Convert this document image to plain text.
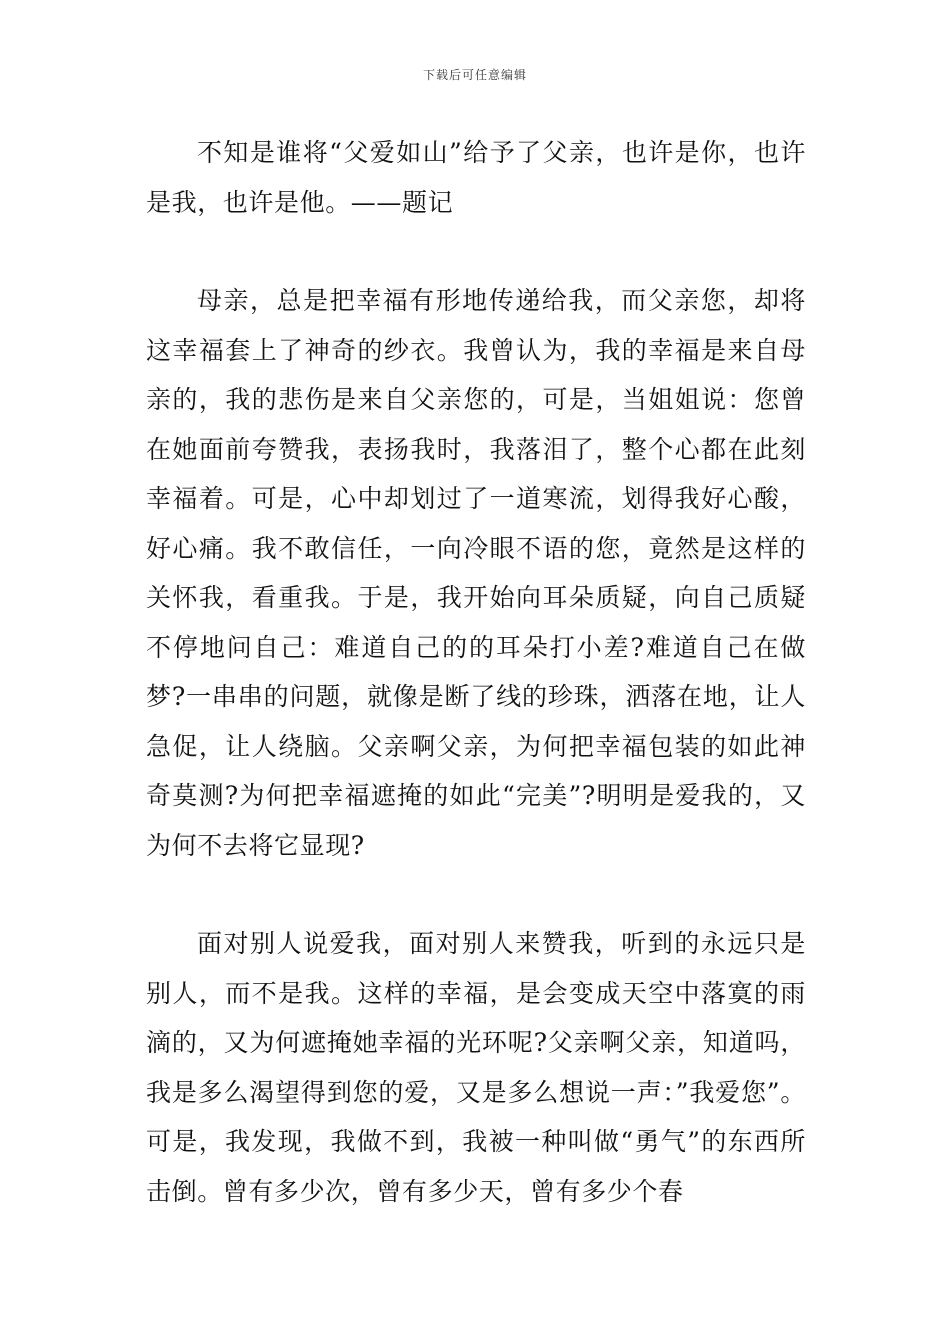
下载后可任意编辑

不知是谁将“父爱如山”给予了父亲，也许是你，也许是我，也许是他。——题记

母亲，总是把幸福有形地传递给我，而父亲您，却将这幸福套上了神奇的纱衣。我曾认为，我的幸福是来自母亲的，我的悲伤是来自父亲您的，可是，当姐姐说：您曾在她面前夸赞我，表扬我时，我落泪了，整个心都在此刻幸福着。可是，心中却划过了一道寒流，划得我好心酸，好心痛。我不敢信任，一向冷眼不语的您，竟然是这样的关怀我，看重我。于是，我开始向耳朵质疑，向自己质疑不停地问自己：难道自己的的耳朵打小差?难道自己在做梦?一串串的问题，就像是断了线的珍珠，洒落在地，让人急促，让人绕脑。父亲啊父亲，为何把幸福包装的如此神奇莫测?为何把幸福遮掩的如此“完美”?明明是爱我的，又为何不去将它显现?

面对别人说爱我，面对别人来赞我，听到的永远只是别人，而不是我。这样的幸福，是会变成天空中落寞的雨滴的，又为何遮掩她幸福的光环呢?父亲啊父亲，知道吗，我是多么渴望得到您的爱，又是多么想说一声：”我爱您”。可是，我发现，我做不到，我被一种叫做“勇气”的东西所击倒。曾有多少次，曾有多少天，曾有多少个春
